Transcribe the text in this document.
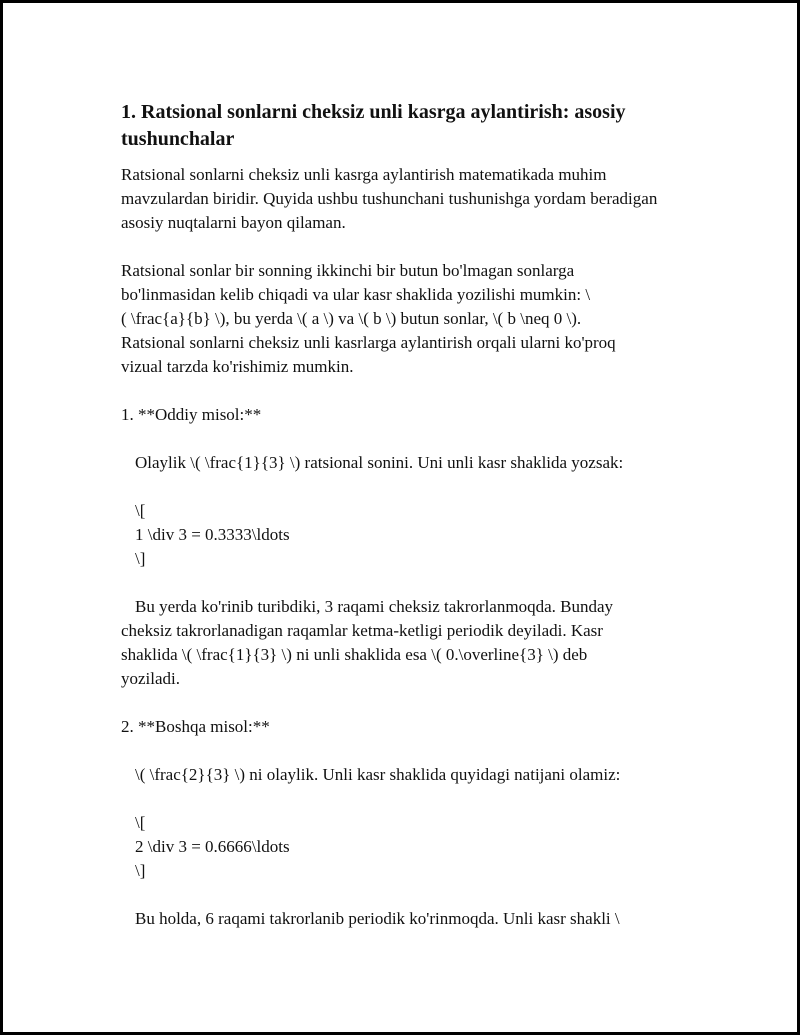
1. Ratsional sonlarni cheksiz unli kasrga aylantirish: asosiy tushunchalar

Ratsional sonlarni cheksiz unli kasrga aylantirish matematikada muhim mavzulardan biridir. Quyida ushbu tushunchani tushunishga yordam beradigan asosiy nuqtalarni bayon qilaman.

Ratsional sonlar bir sonning ikkinchi bir butun bo'lmagan sonlarga
bo'linmasidan kelib chiqadi va ular kasr shaklida yozilishi mumkin: \
( \frac{a}{b} \), bu yerda \( a \) va \( b \) butun sonlar, \( b \neq 0 \).
Ratsional sonlarni cheksiz unli kasrlarga aylantirish orqali ularni ko'proq
vizual tarzda ko'rishimiz mumkin.

1. **Oddiy misol:**

Olaylik \( \frac{1}{3} \) ratsional sonini. Uni unli kasr shaklida yozsak:

\[
1 \div 3 = 0.3333\ldots
\]
Bu yerda ko'rinib turibdiki, 3 raqami cheksiz takrorlanmoqda. Bunday
cheksiz takrorlanadigan raqamlar ketma-ketligi periodik deyiladi. Kasr
shaklida \( \frac{1}{3} \) ni unli shaklida esa \( 0.\overline{3} \) deb
yoziladi.

2. **Boshqa misol:**

\( \frac{2}{3} \) ni olaylik. Unli kasr shaklida quyidagi natijani olamiz:

\[
2 \div 3 = 0.6666\ldots
\]

Bu holda, 6 raqami takrorlanib periodik ko'rinmoqda. Unli kasr shakli \
